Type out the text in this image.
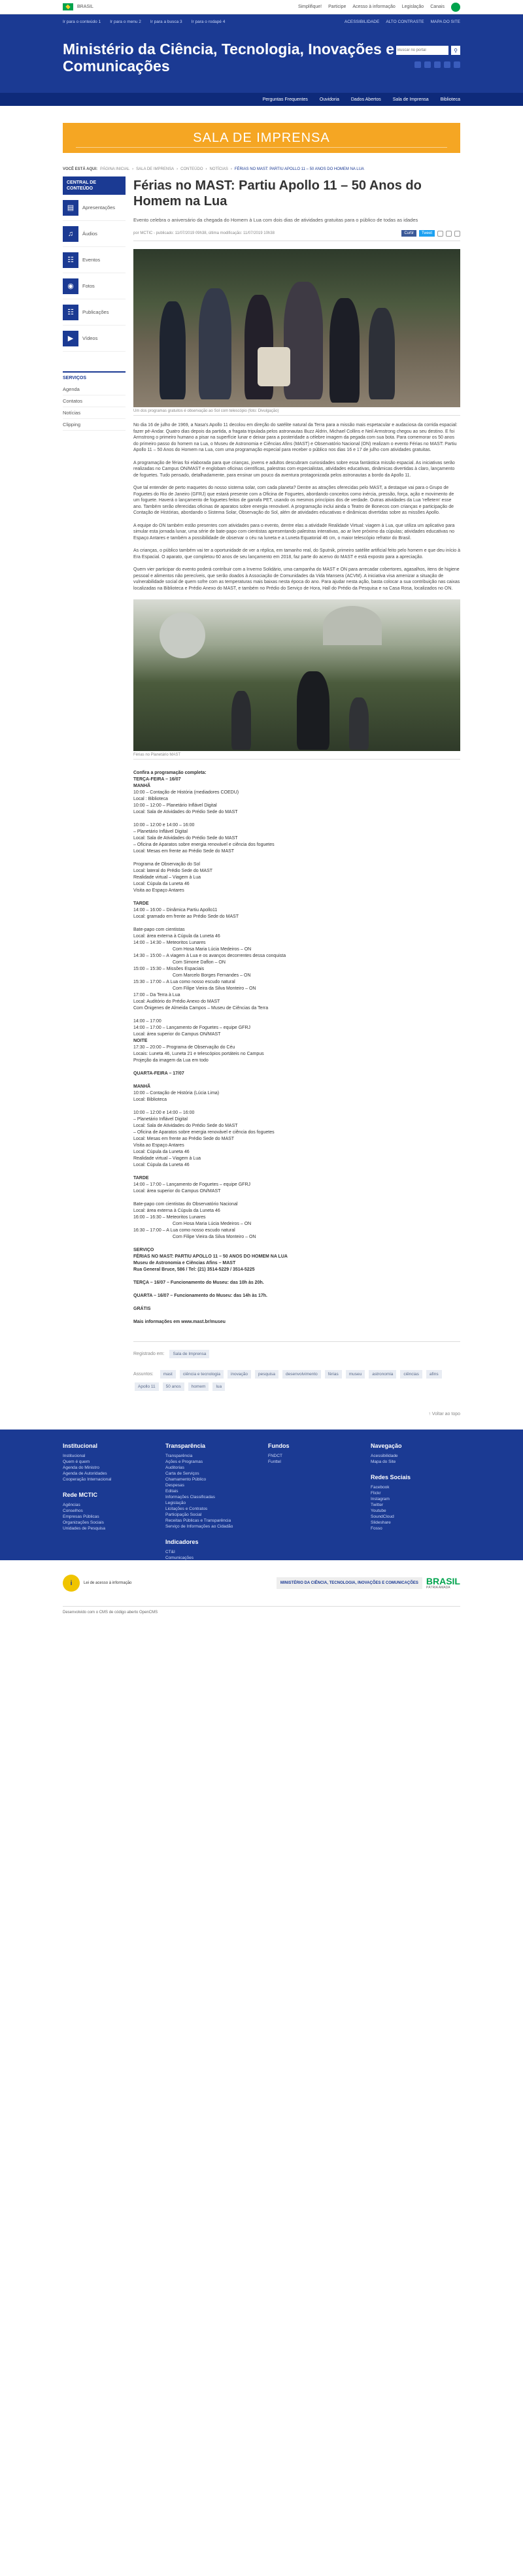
BRASIL	Simplifique! Participe Acesso à informação Legislação Canais
Ir para o conteúdo 1 Ir para o menu 2 Ir para a busca 3 Ir para o rodapé 4	ACESSIBILIDADE ALTO CONTRASTE MAPA DO SITE
Ministério da Ciência, Tecnologia, Inovações e Comunicações
Buscar no portal
⚲
Perguntas Frequentes	Ouvidoria	Dados Abertos	Sala de Imprensa	Biblioteca
SALA DE IMPRENSA
VOCÊ ESTÁ AQUI: PÁGINA INICIAL › SALA DE IMPRENSA › CONTEÚDO › NOTÍCIAS › FÉRIAS NO MAST: PARTIU APOLLO 11 – 50 ANOS DO HOMEM NA LUA
CENTRAL DE CONTEÚDO
▤	Apresentações
♫	Áudios
☷	Eventos
◉	Fotos
☷	Publicações
▶	Vídeos
SERVIÇOS
Agenda
Contatos
Notícias
Clipping
Férias no MAST: Partiu Apollo 11 – 50 Anos do Homem na Lua
Evento celebra o aniversário da chegada do Homem à Lua com dois dias de atividades gratuitas para o público de todas as idades
por MCTIC - publicado: 11/07/2019 09h38, última modificação: 11/07/2019 10h38	Curtir	Tweet
Um dos programas gratuitos é observação ao Sol com telescópio (foto: Divulgação)

No dia 16 de julho de 1969, a Nasa's Apollo 11 decolou em direção do satélite natural da Terra para a missão mais espetacular e audaciosa da corrida espacial: fazer pé-Andar. Quatro dias depois da partida, a fragata tripulada pelos astronautas Buzz Aldrin, Michael Collins e Neil Armstrong chegou ao seu destino. E foi Armstrong o primeiro humano a pisar na superfície lunar e deixar para a posteridade a célebre imagem da pegada com sua bota. Para comemorar os 50 anos do primeiro passo do homem na Lua, o Museu de Astronomia e Ciências Afins (MAST) e Observatório Nacional (ON) realizam o evento Férias no MAST: Partiu Apollo 11 – 50 Anos do Homem na Lua, com uma programação especial para receber o público nos dias 16 e 17 de julho com atividades gratuitas.

A programação de férias foi elaborada para que crianças, jovens e adultos descubram curiosidades sobre essa fantástica missão espacial. As iniciativas serão realizadas no Campus ON/MAST e englobam oficinas científicas, palestras com especialistas, atividades educativas, dinâmicas divertidas à claro, lançamento de foguetes. Tudo pensado, detalhadamente, para ensinar um pouco da aventura protagonizada pelos astronautas a bordo da Apollo 11.

Que tal entender de perto maquetes do nosso sistema solar, com cada planeta? Dentre as atrações oferecidas pelo MAST, a destaque vai para o Grupo de Foguetes do Rio de Janeiro (GFRJ) que estará presente com a Oficina de Foguetes, abordando conceitos como inércia, pressão, força, ação e movimento de um foguete. Haverá o lançamento de foguetes feitos de garrafa PET, usando os mesmos princípios dos de verdade. Outras atividades da Lua 'refletem' esse ano. Também serão oferecidas oficinas de aparatos sobre energia renovável. A programação inclui ainda o Teatro de Bonecos com crianças e participação de Contação de Histórias, abordando o Sistema Solar, Observação do Sol, além de atividades educativas e dinâmicas divertidas sobre as missões Apollo.

A equipe do ON também estão presentes com atividades para o evento, dentre elas a atividade Realidade Virtual: viagem à Lua, que utiliza um aplicativo para simular esta jornada lunar, uma série de bate-papo com cientistas apresentando palestras interativas, ao ar livre próximo da cúpulas; atividades educativas no Espaço Antares e também a possibilidade de observar o céu na luneta e a Luneta Equatorial 46 cm, o maior telescópio refrator do Brasil.

As crianças, o público também vai ter a oportunidade de ver a réplica, em tamanho real, do Sputnik, primeiro satélite artificial feito pelo homem e que deu início à Era Espacial. O aparato, que completou 60 anos de seu lançamento em 2018, faz parte do acervo do MAST e está exposto para a apreciação.

Quem vier participar do evento poderá contribuir com a Inverno Solidário, uma campanha do MAST e ON para arrecadar cobertores, agasalhos, itens de higiene pessoal e alimentos não perecíveis, que serão doados à Associação de Comunidades da Vida Mansera (ACVM). A iniciativa visa amenizar a situação de vulnerabilidade social de quem sofre com as temperaturas mais baixas nesta época do ano. Para ajudar nesta ação, basta colocar a sua contribuição nas caixas localizadas na Biblioteca e Prédio Anexo do MAST, e também no Prédio do Serviço de Hora, Hall do Prédio da Pesquisa e na Casa Rosa, localizados no ON.

Férias no Planetário MAST
Confira a programação completa:
TERÇA-FEIRA – 16/07
MANHÃ
10:00 – Contação de História (mediadores COEDU)
Local : Biblioteca
10:00 – 12:00 – Planetário Inflável Digital
Local: Sala de Atividades do Prédio Sede do MAST
10:00 – 12:00 e 14:00 – 16:00
– Planetário Inflável Digital
Local: Sala de Atividades do Prédio Sede do MAST
– Oficina de Aparatos sobre energia renovável e ciência dos foguetes
Local: Mesas em frente ao Prédio Sede do MAST
Programa de Observação do Sol
Local: lateral do Prédio Sede do MAST
Realidade virtual – Viagem à Lua
Local: Cúpula da Luneta 46
Visita ao Espaço Antares
TARDE
14:00 – 16:00 – Dinâmica Partiu Apollo11
Local: gramado em frente ao Prédio Sede do MAST
Bate-papo com cientistas
Local: área externa à Cúpula da Luneta 46
14:00 – 14:30 – Meteoritos Lunares
Com Hosa Maria Lúcia Medeiros – ON
14:30 – 15:00 – A viagem à Lua e os avanços decorrentes dessa conquista
Com Simone Daflon – ON
15:00 – 15:30 – Missões Espaciais
Com Marcelo Borges Fernandes – ON
15:30 – 17:00 – A Lua como nosso escudo natural
Com Filipe Vieira da Silva Monteiro – ON
17:00 – Da Terra à Lua
Local: Auditório do Prédio Anexo do MAST
Com Ōnigenes de Almeida Campos – Museu de Ciências da Terra
14:00 – 17:00
14:00 – 17:00 – Lançamento de Foguetes – equipe GFRJ
Local: área superior do Campus ON/MAST
NOITE
17:30 – 20:00 – Programa de Observação do Céu
Locais: Luneta 46, Luneta 21 e telescópios portáteis no Campus
Projeção da imagem da Lua em todo
QUARTA-FEIRA – 17/07
MANHÃ
10:00 – Contação de História (Lúcia Lima)
Local: Biblioteca
10:00 – 12:00 e 14:00 – 16:00
– Planetário Inflável Digital
Local: Sala de Atividades do Prédio Sede do MAST
– Oficina de Aparatos sobre energia renovável e ciência dos foguetes
Local: Mesas em frente ao Prédio Sede do MAST
Visita ao Espaço Antares
Local: Cúpula da Luneta 46
Realidade virtual – Viagem à Lua
Local: Cúpula da Luneta 46
TARDE
14:00 – 17:00 – Lançamento de Foguetes – equipe GFRJ
Local: área superior do Campus ON/MAST
Bate-papo com cientistas do Observatório Nacional
Local: área externa à Cúpula da Luneta 46
16:00 – 16:30 – Meteoritos Lunares
Com Hosa Maria Lúcia Medeiros – ON
16:30 – 17:00 – A Lua como nosso escudo natural
Com Filipe Vieira da Silva Monteiro – ON
SERVIÇO
FÉRIAS NO MAST: PARTIU APOLLO 11 – 50 ANOS DO HOMEM NA LUA
Museu de Astronomia e Ciências Afins – MAST
Rua General Bruce, 586 / Tel: (21) 3514-5229 / 3514-5225
TERÇA – 16/07 – Funcionamento do Museu: das 10h às 20h.
QUARTA – 16/07 – Funcionamento do Museu: das 14h às 17h.
GRÁTIS
Mais informações em www.mast.br/museu
Registrado em:	Sala de Imprensa
Assuntos:	mast	ciência e tecnologia	inovação	pesquisa	desenvolvimento	férias	museu	astronomia	ciências	afins
Apollo 11	50 anos	homem	lua
↑ Voltar ao topo
Institucional
Institucional
Quem é quem
Agenda do Ministro
Agenda de Autoridades
Cooperação Internacional
Rede MCTIC
Agências
Conselhos
Empresas Públicas
Organizações Sociais
Unidades de Pesquisa
Transparência
Transparência
Ações e Programas
Auditorias
Carta de Serviços
Chamamento Público
Despesas
Editais
Informações Classificadas
Legislação
Licitações e Contratos
Participação Social
Receitas Públicas e Transparência
Serviço de Informações ao Cidadão
Indicadores
CT&I
Comunicações
Fundos
FNDCT
Funttel
Navegação
Acessibilidade
Mapa do Site
Redes Sociais
Facebook
Flickr
Instagram
Twitter
Youtube
SoundCloud
Slideshare
Fosso
i	Lei de acesso à informação	MINISTÉRIO DA CIÊNCIA, TECNOLOGIA, INOVAÇÕES E COMUNICAÇÕES BRASIL
PÁTRIA AMADA
Desenvolvido com o CMS de código aberto OpenCMS
